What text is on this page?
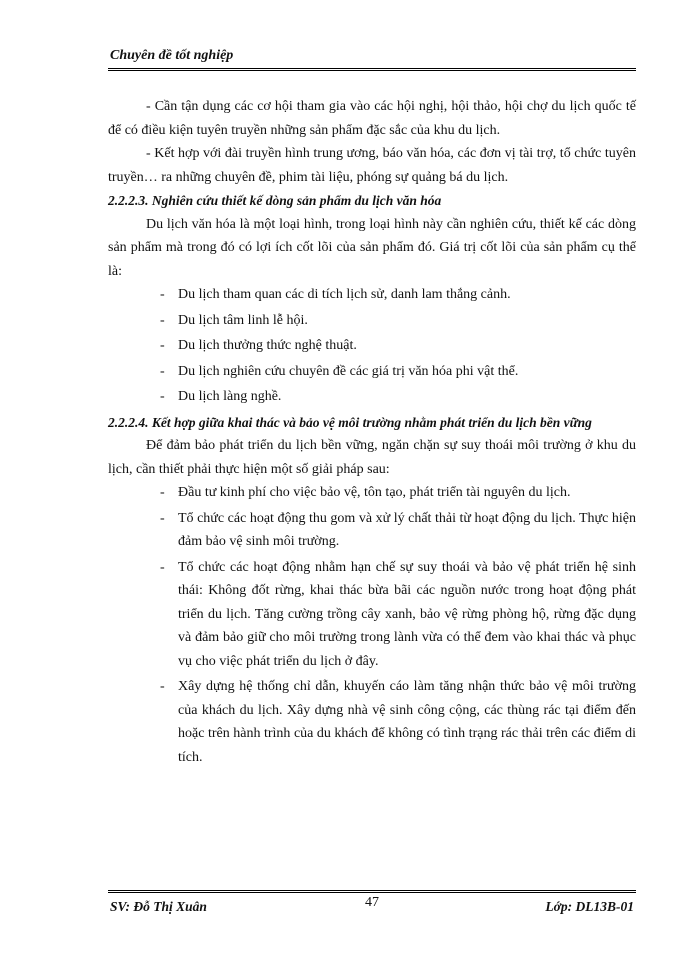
Chuyên đề tốt nghiệp

- Cần tận dụng các cơ hội tham gia vào các hội nghị, hội thảo, hội chợ du lịch quốc tế để có điều kiện tuyên truyền những sản phẩm đặc sắc của khu du lịch.

- Kết hợp với đài truyền hình trung ương, báo văn hóa, các đơn vị tài trợ, tổ chức tuyên truyền… ra những chuyên đề, phim tài liệu, phóng sự quảng bá du lịch.

2.2.2.3. Nghiên cứu thiết kế dòng sản phẩm du lịch văn hóa

Du lịch văn hóa là một loại hình, trong loại hình này cần nghiên cứu, thiết kế các dòng sản phẩm mà trong đó có lợi ích cốt lõi của sản phẩm đó. Giá trị cốt lõi của sản phẩm cụ thể là:

- Du lịch tham quan các di tích lịch sử, danh lam thắng cảnh.
- Du lịch tâm linh lễ hội.
- Du lịch thưởng thức nghệ thuật.
- Du lịch nghiên cứu chuyên đề các giá trị văn hóa phi vật thể.
- Du lịch làng nghề.

2.2.2.4. Kết hợp giữa khai thác và bảo vệ môi trường nhằm phát triển du lịch bền vững

Để đảm bảo phát triển du lịch bền vững, ngăn chặn sự suy thoái môi trường ở khu du lịch, cần thiết phải thực hiện một số giải pháp sau:

- Đầu tư kinh phí cho việc bảo vệ, tôn tạo, phát triển tài nguyên du lịch.
- Tổ chức các hoạt động thu gom và xử lý chất thải từ hoạt động du lịch. Thực hiện đảm bảo vệ sinh môi trường.
- Tổ chức các hoạt động nhằm hạn chế sự suy thoái và bảo vệ phát triển hệ sinh thái: Không đốt rừng, khai thác bừa bãi các nguồn nước trong hoạt động phát triển du lịch. Tăng cường trồng cây xanh, bảo vệ rừng phòng hộ, rừng đặc dụng và đảm bảo giữ cho môi trường trong lành vừa có thể đem vào khai thác và phục vụ cho việc phát triển du lịch ở đây.
- Xây dựng hệ thống chỉ dẫn, khuyến cáo làm tăng nhận thức bảo vệ môi trường của khách du lịch. Xây dựng nhà vệ sinh công cộng, các thùng rác tại điểm đến hoặc trên hành trình của du khách để không có tình trạng rác thải trên các điểm di tích.
SV: Đỗ Thị Xuân	47	Lớp: DL13B-01
